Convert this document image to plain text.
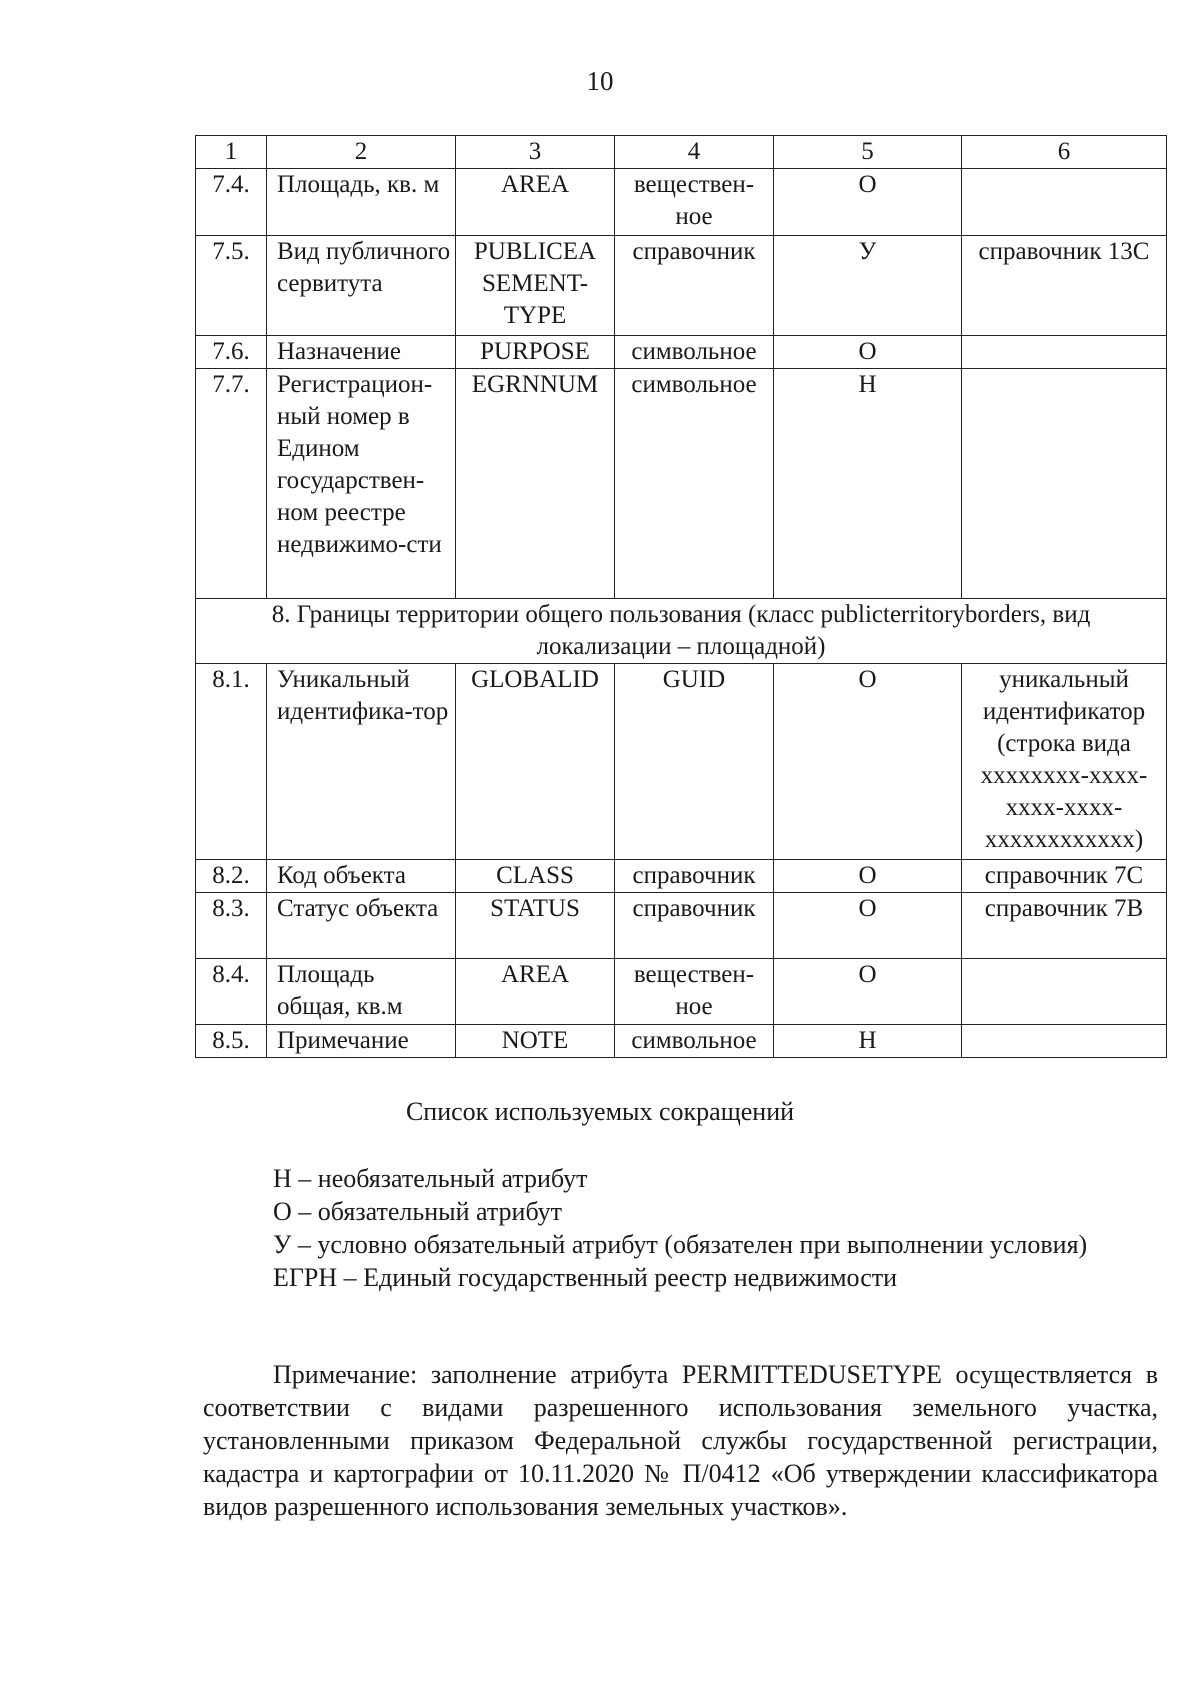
10
1	2	3	4	5	6
7.4.	Площадь, кв. м	AREA	веществен-ное	О	
7.5.	Вид публичного сервитута	PUBLICEA SEMENT-TYPE	справочник	У	справочник 13С
7.6.	Назначение	PURPOSE	символьное	О	
7.7.	Регистрацион-ный номер в Едином государствен-ном реестре недвижимо-сти	EGRNNUM	символьное	Н	
8. Границы территории общего пользования (класс publicterritoryborders, вид локализации – площадной)					
8.1.	Уникальный идентифика-тор	GLOBALID	GUID	О	уникальный идентификатор (строка вида xxxxxxxx-xxxx-xxxx-xxxx-xxxxxxxxxxxx)
8.2.	Код объекта	CLASS	справочник	О	справочник 7С
8.3.	Статус объекта	STATUS	справочник	О	справочник 7В
8.4.	Площадь общая, кв.м	AREA	веществен-ное	О	
8.5.	Примечание	NOTE	символьное	Н	
Список используемых сокращений

Н – необязательный атрибут

О – обязательный атрибут

У – условно обязательный атрибут (обязателен при выполнении условия)

ЕГРН – Единый государственный реестр недвижимости

Примечание: заполнение атрибута PERMITTEDUSETYPE осуществляется в соответствии с видами разрешенного использования земельного участка, установленными приказом Федеральной службы государственной регистрации, кадастра и картографии от 10.11.2020 № П/0412 «Об утверждении классификатора видов разрешенного использования земельных участков».
